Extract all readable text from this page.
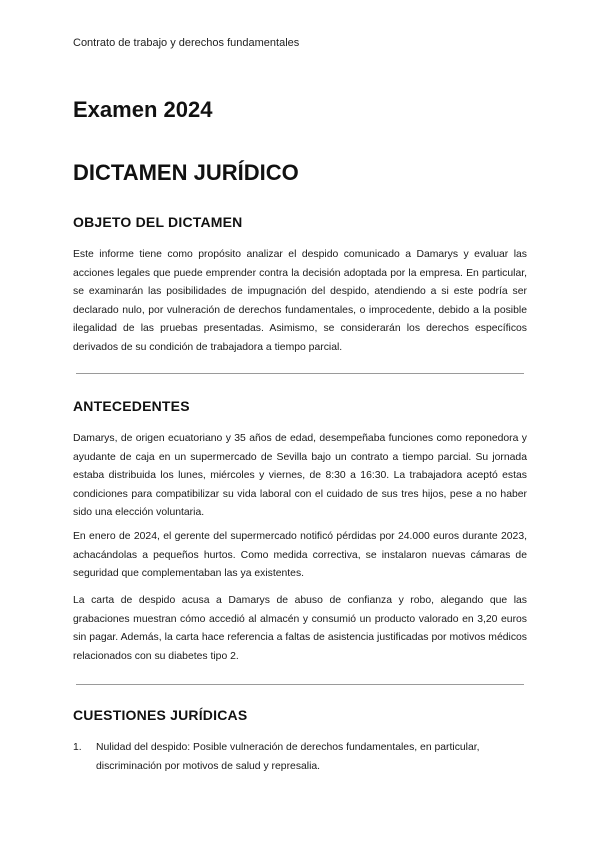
Contrato de trabajo y derechos fundamentales
Examen 2024
DICTAMEN JURÍDICO
OBJETO DEL DICTAMEN

Este informe tiene como propósito analizar el despido comunicado a Damarys y evaluar las acciones legales que puede emprender contra la decisión adoptada por la empresa. En particular, se examinarán las posibilidades de impugnación del despido, atendiendo a si este podría ser declarado nulo, por vulneración de derechos fundamentales, o improcedente, debido a la posible ilegalidad de las pruebas presentadas. Asimismo, se considerarán los derechos específicos derivados de su condición de trabajadora a tiempo parcial.

ANTECEDENTES

Damarys, de origen ecuatoriano y 35 años de edad, desempeñaba funciones como reponedora y ayudante de caja en un supermercado de Sevilla bajo un contrato a tiempo parcial. Su jornada estaba distribuida los lunes, miércoles y viernes, de 8:30 a 16:30. La trabajadora aceptó estas condiciones para compatibilizar su vida laboral con el cuidado de sus tres hijos, pese a no haber sido una elección voluntaria.

En enero de 2024, el gerente del supermercado notificó pérdidas por 24.000 euros durante 2023, achacándolas a pequeños hurtos. Como medida correctiva, se instalaron nuevas cámaras de seguridad que complementaban las ya existentes.

La carta de despido acusa a Damarys de abuso de confianza y robo, alegando que las grabaciones muestran cómo accedió al almacén y consumió un producto valorado en 3,20 euros sin pagar. Además, la carta hace referencia a faltas de asistencia justificadas por motivos médicos relacionados con su diabetes tipo 2.

CUESTIONES JURÍDICAS
1. Nulidad del despido: Posible vulneración de derechos fundamentales, en particular, discriminación por motivos de salud y represalia.
